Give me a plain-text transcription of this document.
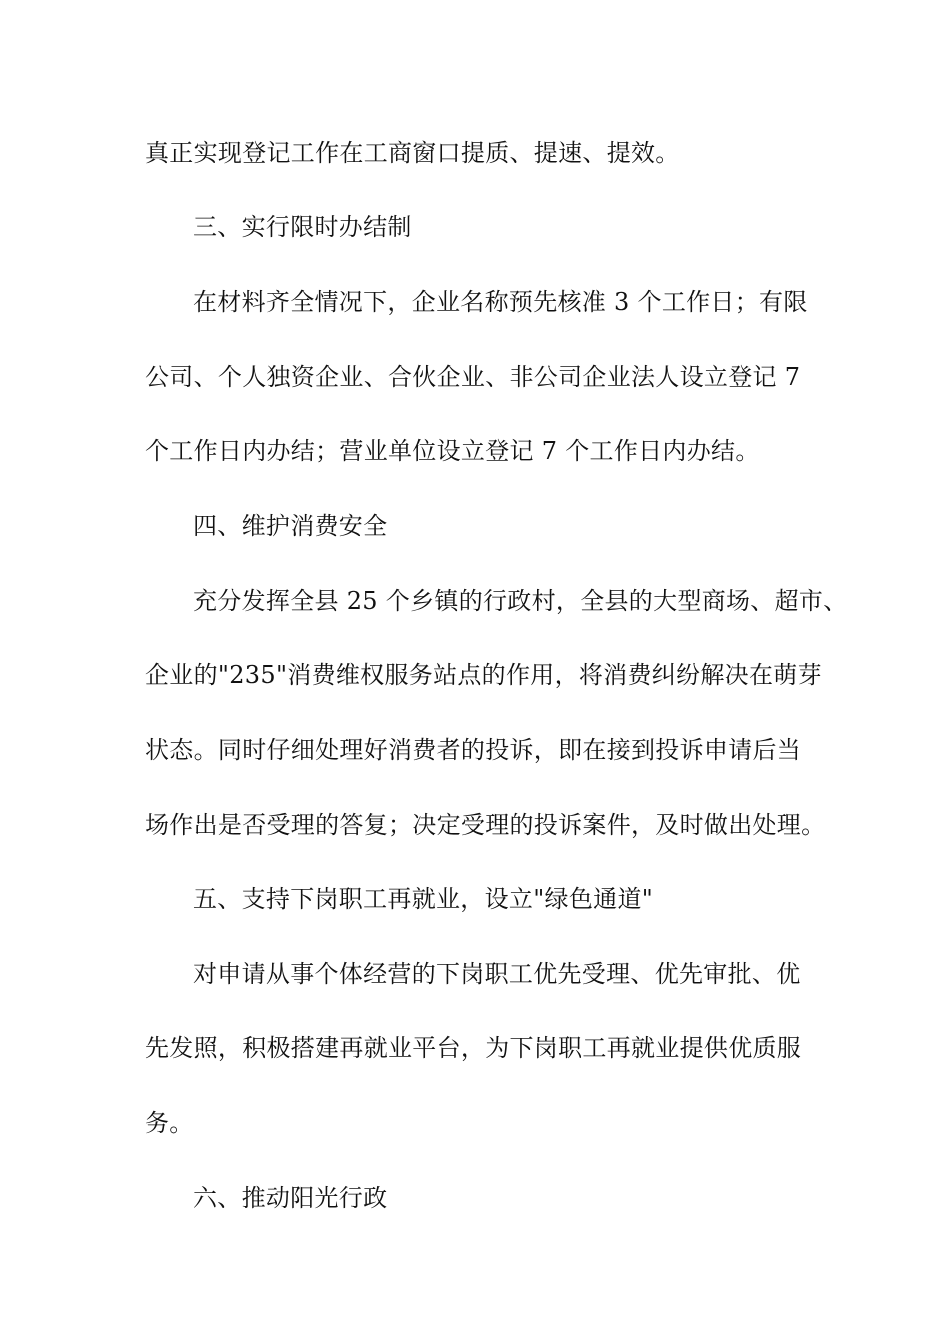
真正实现登记工作在工商窗口提质、提速、提效。
三、实行限时办结制
在材料齐全情况下，企业名称预先核准 3 个工作日；有限
公司、个人独资企业、合伙企业、非公司企业法人设立登记 7
个工作日内办结；营业单位设立登记 7 个工作日内办结。
四、维护消费安全
充分发挥全县 25 个乡镇的行政村，全县的大型商场、超市、
企业的"235"消费维权服务站点的作用，将消费纠纷解决在萌芽
状态。同时仔细处理好消费者的投诉，即在接到投诉申请后当
场作出是否受理的答复；决定受理的投诉案件，及时做出处理。
五、支持下岗职工再就业，设立"绿色通道"
对申请从事个体经营的下岗职工优先受理、优先审批、优
先发照，积极搭建再就业平台，为下岗职工再就业提供优质服
务。
六、推动阳光行政
